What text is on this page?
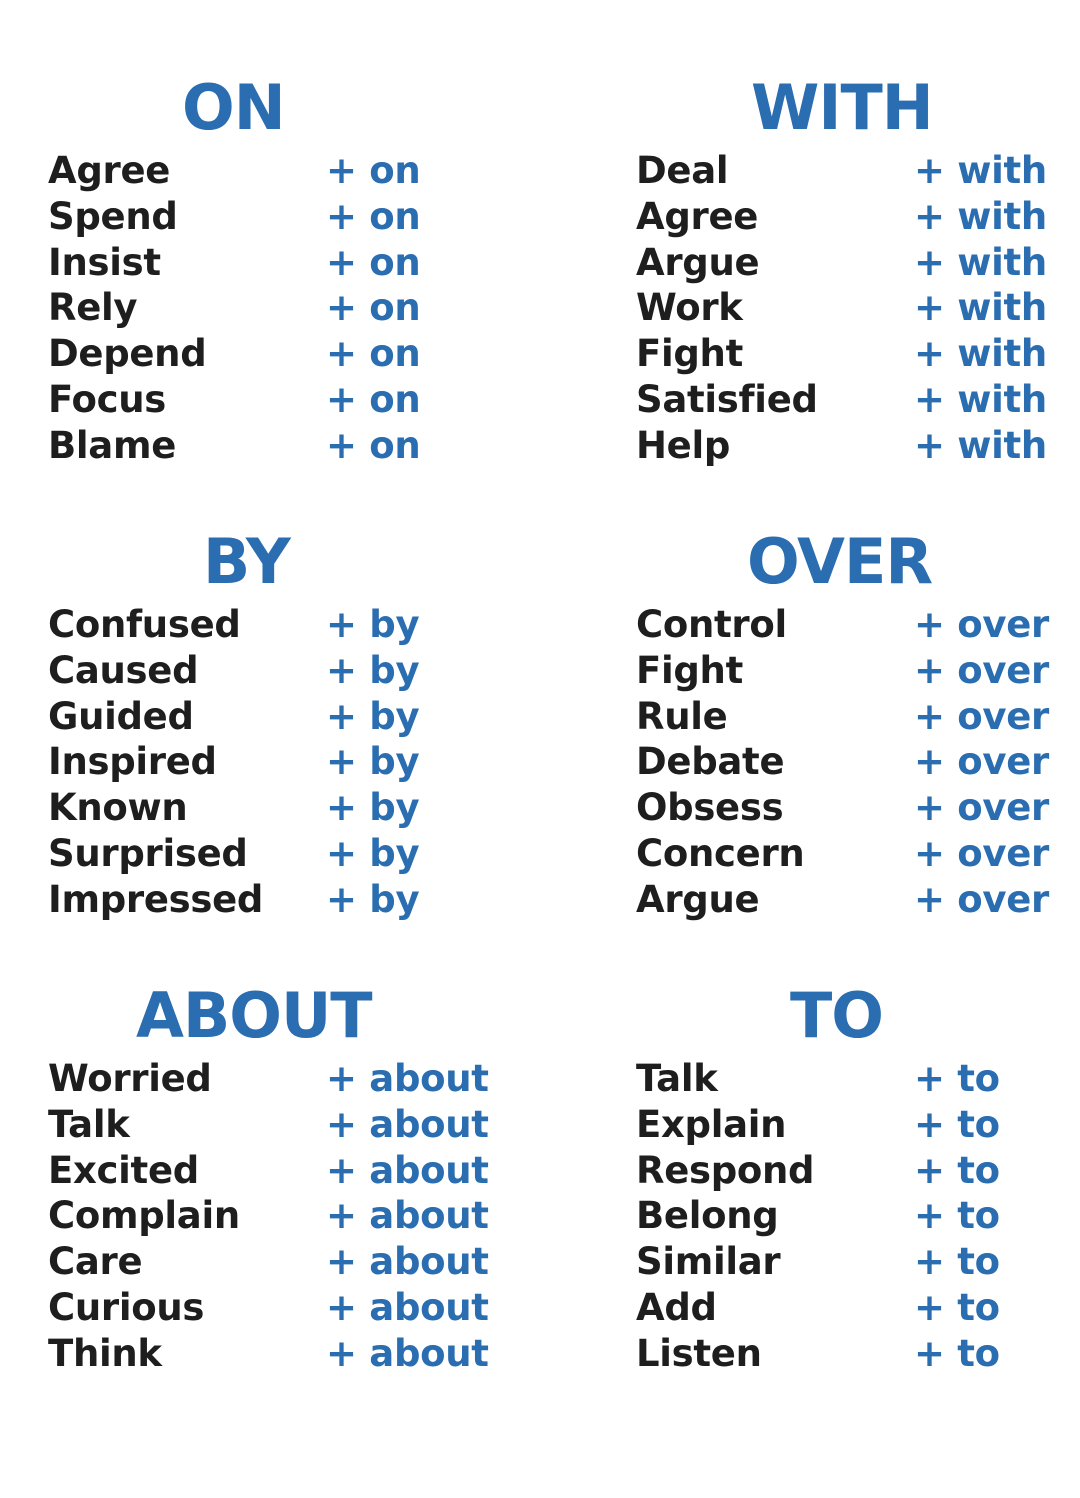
ON
Agree	+ on
Spend	+ on
Insist	+ on
Rely	+ on
Depend	+ on
Focus	+ on
Blame	+ on
WITH
Deal	+ with
Agree	+ with
Argue	+ with
Work	+ with
Fight	+ with
Satisfied	+ with
Help	+ with
BY
Confused + by
Caused	+ by
Guided	+ by
Inspired	+ by
Known	+ by
Surprised + by
Impressed + by
OVER
Control	+ over
Fight	+ over
Rule	+ over
Debate	+ over
Obsess	+ over
Concern	+ over
Argue	+ over
ABOUT
Worried	+ about
Talk	+ about
Excited	+ about
Complain + about
Care	+ about
Curious	+ about
Think	+ about
TO
Talk	+ to
Explain	+ to
Respond	+ to
Belong	+ to
Similar	+ to
Add	+ to
Listen	+ to
